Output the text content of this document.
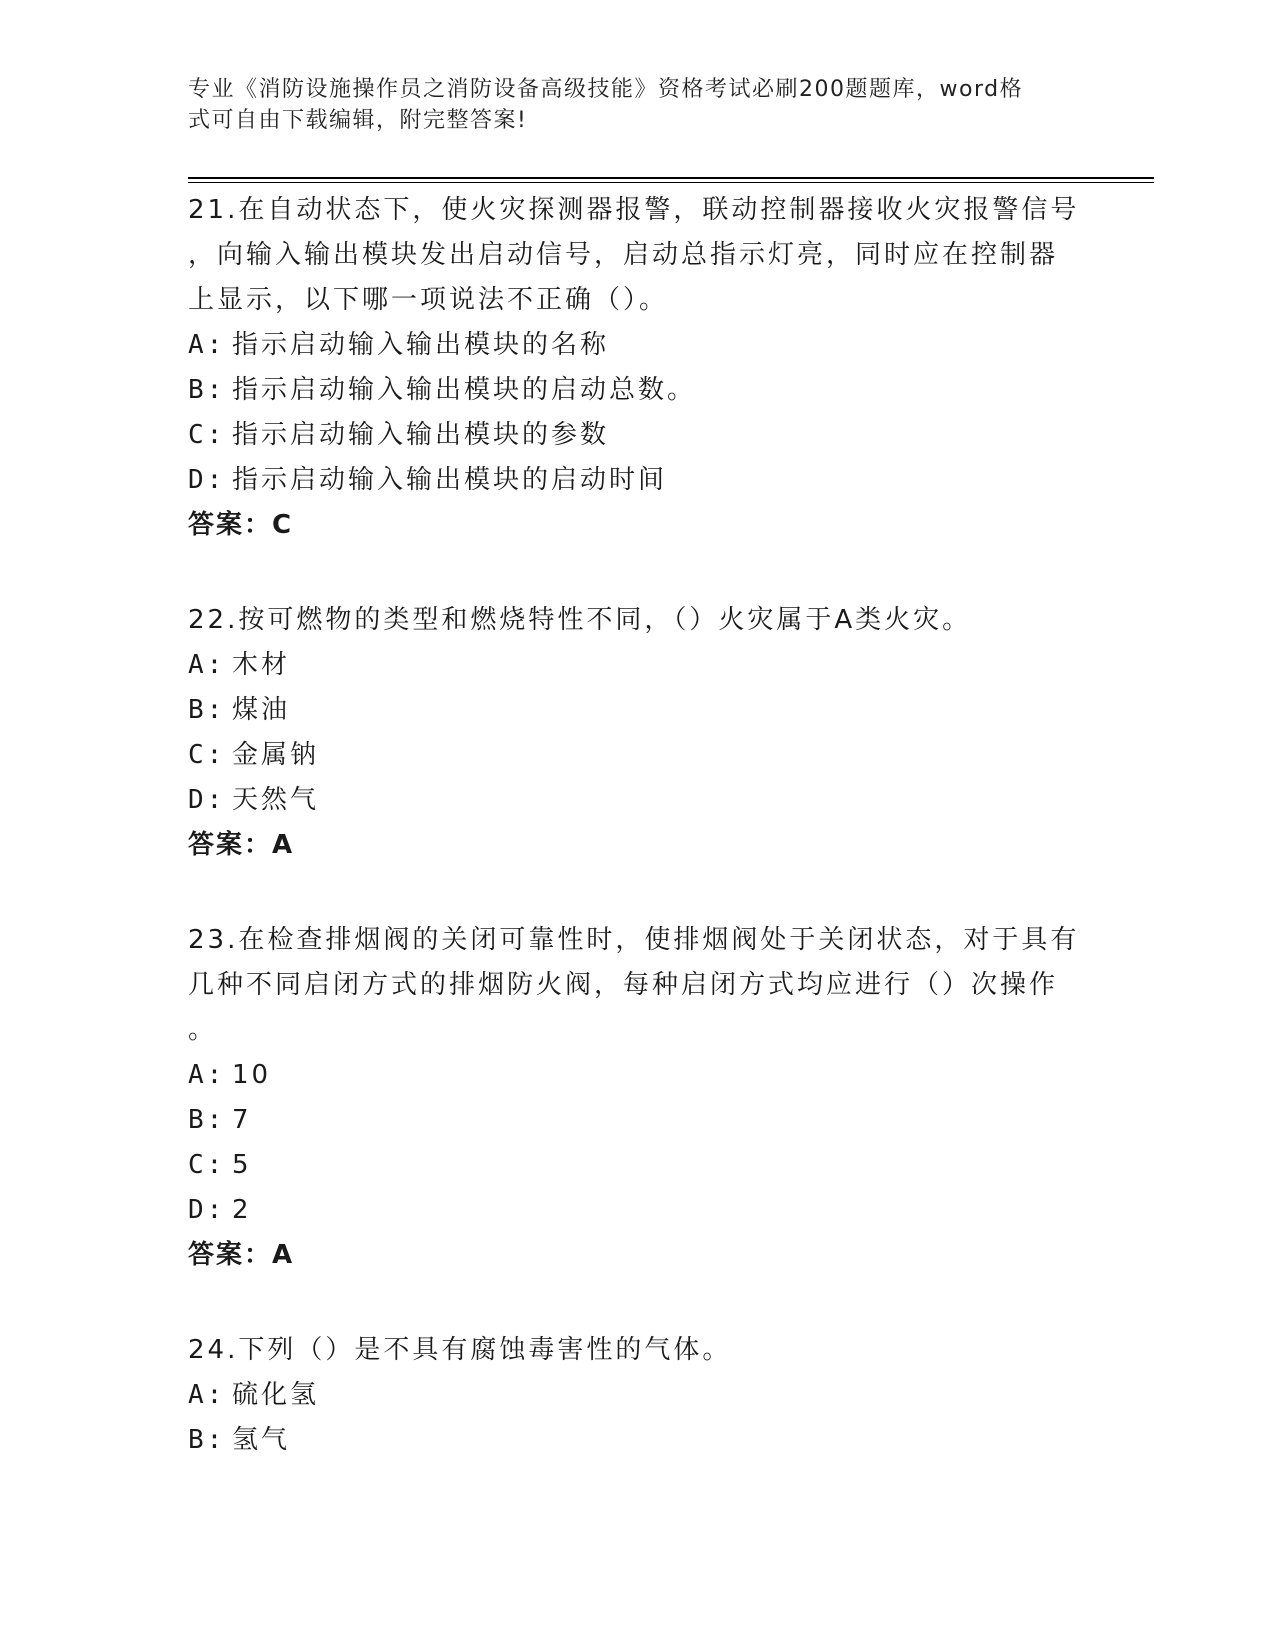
专业《消防设施操作员之消防设备高级技能》资格考试必刷200题题库，word格
式可自由下载编辑，附完整答案!

21.在自动状态下，使火灾探测器报警，联动控制器接收火灾报警信号
，向输入输出模块发出启动信号，启动总指示灯亮，同时应在控制器
上显示，以下哪一项说法不正确（）。

A: 指示启动输入输出模块的名称

B: 指示启动输入输出模块的启动总数。

C: 指示启动输入输出模块的参数

D: 指示启动输入输出模块的启动时间

答案：C

22.按可燃物的类型和燃烧特性不同，（）火灾属于A类火灾。

A: 木材

B: 煤油

C: 金属钠

D: 天然气

答案：A

23.在检查排烟阀的关闭可靠性时，使排烟阀处于关闭状态，对于具有
几种不同启闭方式的排烟防火阀，每种启闭方式均应进行（）次操作
。

A: 10

B: 7

C: 5

D: 2

答案：A

24.下列（）是不具有腐蚀毒害性的气体。

A: 硫化氢

B: 氢气
